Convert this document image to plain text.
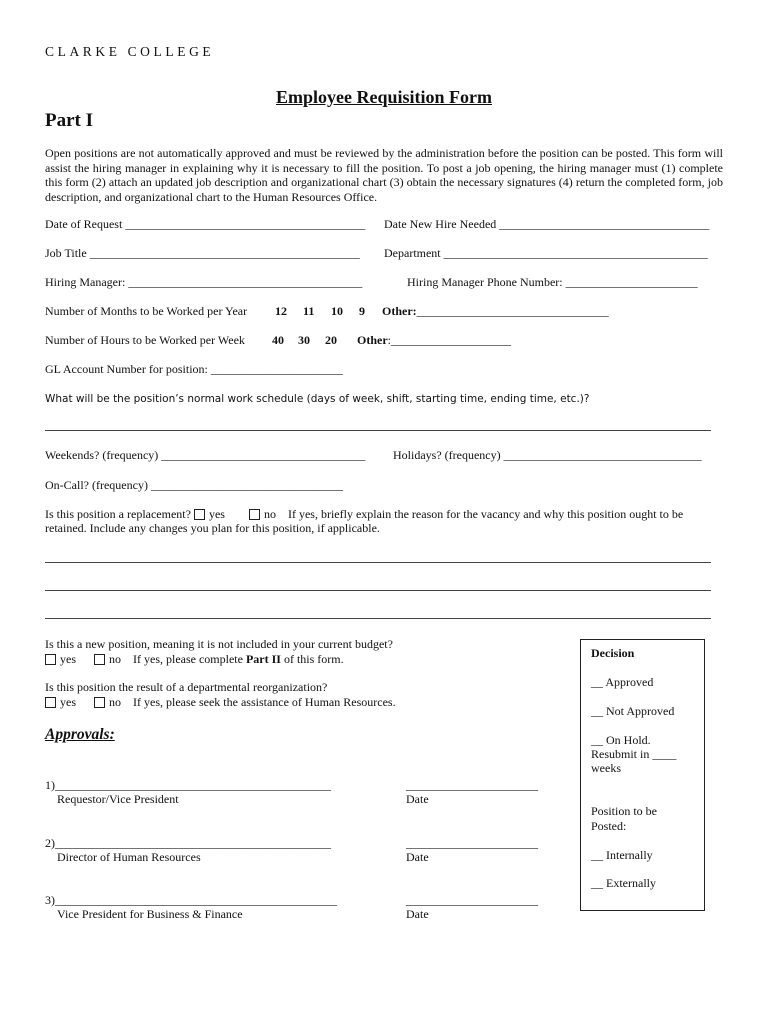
CLARKE COLLEGE
Employee Requisition Form
Part I
Open positions are not automatically approved and must be reviewed by the administration before the position can be posted. This form will assist the hiring manager in explaining why it is necessary to fill the position. To post a job opening, the hiring manager must (1) complete this form (2) attach an updated job description and organizational chart (3) obtain the necessary signatures (4) return the completed form, job description, and organizational chart to the Human Resources Office.
Date of Request ________________________________________ Date New Hire Needed ___________________________________
Job Title _____________________________________________ Department ____________________________________________
Hiring Manager: _______________________________________	Hiring Manager Phone Number: ______________________
Number of Months to be Worked per Year 12 11 10 9 Other:________________________________
Number of Hours to be Worked per Week 40 30 20 Other:____________________
GL Account Number for position: ______________________
What will be the position’s normal work schedule (days of week, shift, starting time, ending time, etc.)?
Weekends? (frequency) __________________________________ Holidays? (frequency) _________________________________
On-Call? (frequency) ________________________________
Is this position a replacement? yes	no If yes, briefly explain the reason for the vacancy and why this position ought to be
retained. Include any changes you plan for this position, if applicable.
Is this a new position, meaning it is not included in your current budget?
yes	no If yes, please complete Part II of this form.
Is this position the result of a departmental reorganization?
yes	no If yes, please seek the assistance of Human Resources.
Approvals:
1)______________________________________________	______________________
Requestor/Vice President	Date
2)______________________________________________	______________________
Director of Human Resources	Date
3)_______________________________________________	______________________
Vice President for Business & Finance	Date
Decision
__ Approved
__ Not Approved
__ On Hold.
Resubmit in ____
weeks
Position to be
Posted:
__ Internally
__ Externally
